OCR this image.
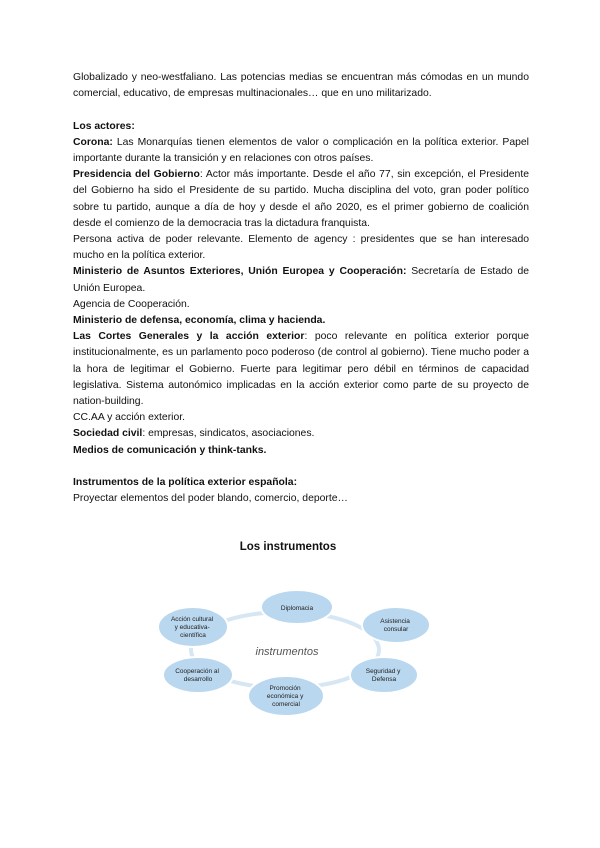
Globalizado y neo-westfaliano. Las potencias medias se encuentran más cómodas en un mundo comercial, educativo, de empresas multinacionales… que en uno militarizado.

Los actores:

Corona: Las Monarquías tienen elementos de valor o complicación en la política exterior. Papel importante durante la transición y en relaciones con otros países.

Presidencia del Gobierno: Actor más importante. Desde el año 77, sin excepción, el Presidente del Gobierno ha sido el Presidente de su partido. Mucha disciplina del voto, gran poder político sobre tu partido, aunque a día de hoy y desde el año 2020, es el primer gobierno de coalición desde el comienzo de la democracia tras la dictadura franquista.

Persona activa de poder relevante. Elemento de agency : presidentes que se han interesado mucho en la política exterior.

Ministerio de Asuntos Exteriores, Unión Europea y Cooperación: Secretaría de Estado de Unión Europea.

Agencia de Cooperación.

Ministerio de defensa, economía, clima y hacienda.

Las Cortes Generales y la acción exterior: poco relevante en política exterior porque institucionalmente, es un parlamento poco poderoso (de control al gobierno). Tiene mucho poder a la hora de legitimar el Gobierno. Fuerte para legitimar pero débil en términos de capacidad legislativa. Sistema autonómico implicadas en la acción exterior como parte de su proyecto de nation-building.

CC.AA y acción exterior.

Sociedad civil: empresas, sindicatos, asociaciones.

Medios de comunicación y think-tanks.

Instrumentos de la política exterior española:

Proyectar elementos del poder blando, comercio, deporte…

Los instrumentos
instrumentos
Diplomacia
Asistencia consular
Seguridad y Defensa
Promoción económica y comercial
Cooperación al desarrollo
Acción cultural y educativa- científica
